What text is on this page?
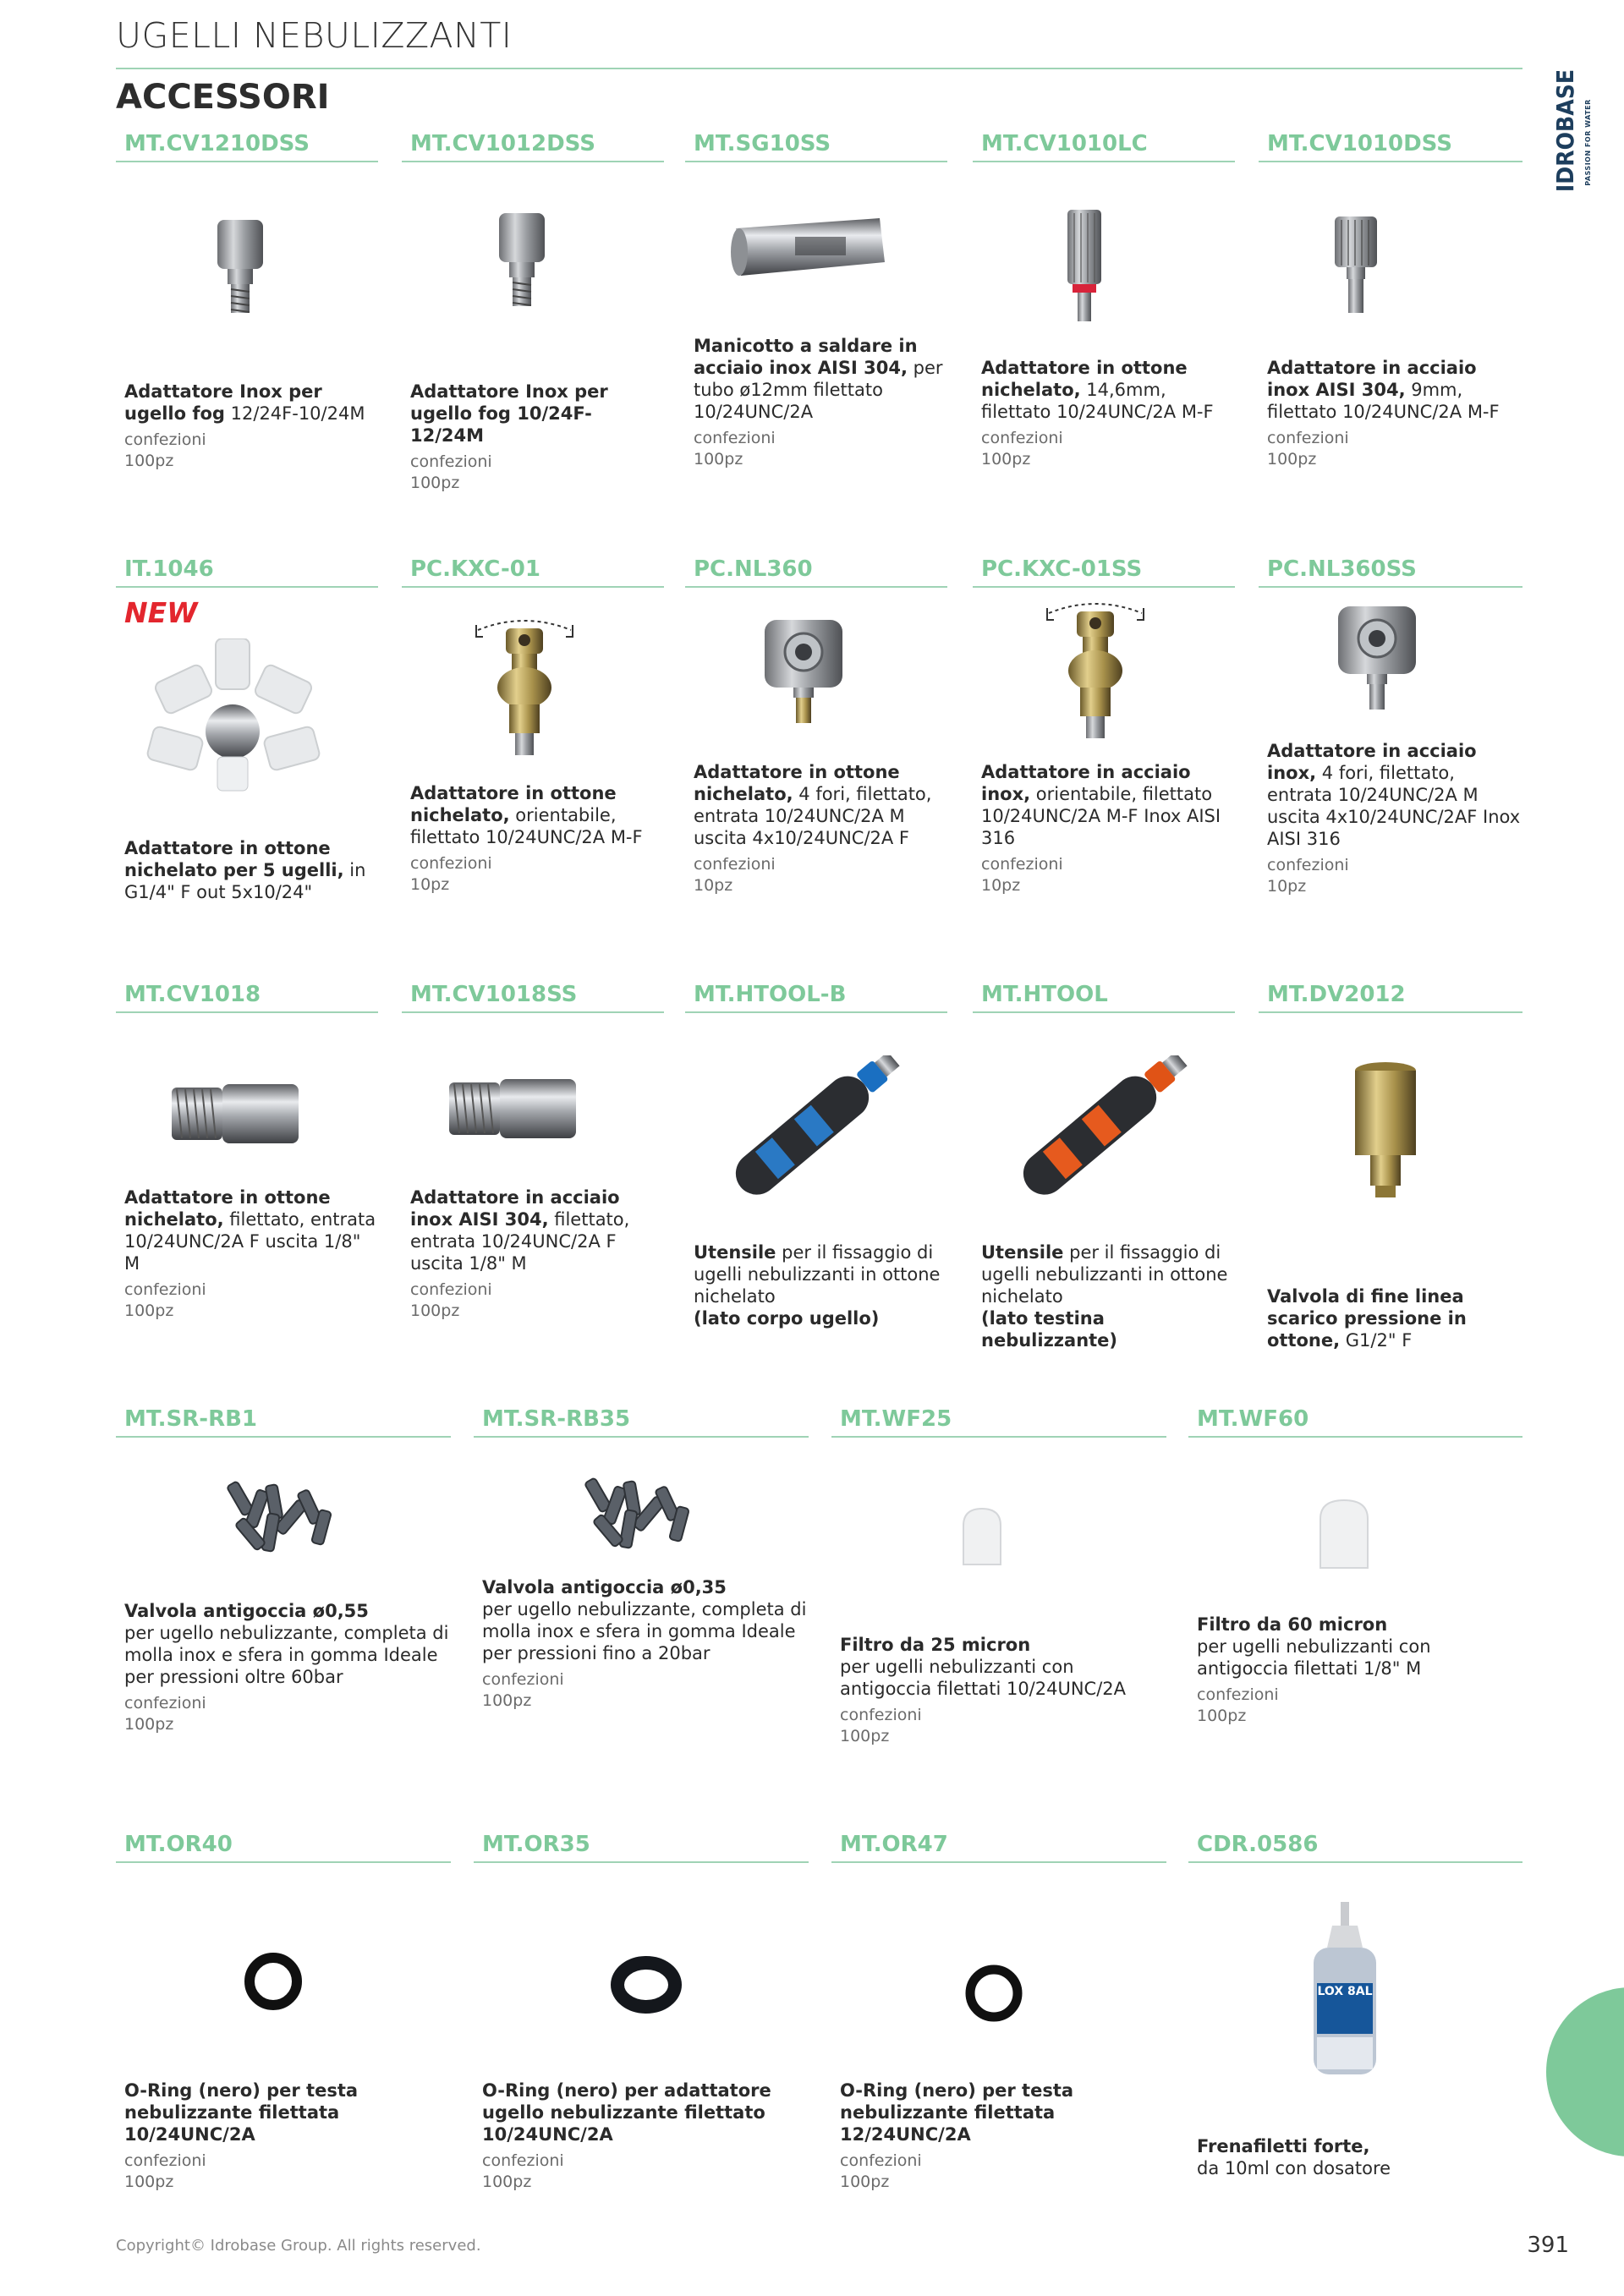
UGELLI NEBULIZZANTI
ACCESSORI	IDROBASE PASSION FOR WATER
MT.CV1210DSS
Adattatore Inox per ugello fog 12/24F-10/24M
confezioni
100pz
MT.CV1012DSS
Adattatore Inox per ugello fog 10/24F-12/24M
confezioni
100pz
MT.SG10SS
Manicotto a saldare in acciaio inox AISI 304, per tubo ø12mm filettato 10/24UNC/2A
confezioni
100pz
MT.CV1010LC
Adattatore in ottone nichelato, 14,6mm, filettato 10/24UNC/2A M-F
confezioni
100pz
MT.CV1010DSS
Adattatore in acciaio inox AISI 304, 9mm, filettato 10/24UNC/2A M-F
confezioni
100pz
IT.1046
NEW
Adattatore in ottone nichelato per 5 ugelli, in G1/4" F out 5x10/24"
PC.KXC-01
Adattatore in ottone nichelato, orientabile, filettato 10/24UNC/2A M-F
confezioni
10pz
PC.NL360
Adattatore in ottone nichelato, 4 fori, filettato, entrata 10/24UNC/2A M uscita 4x10/24UNC/2A F
confezioni
10pz
PC.KXC-01SS
Adattatore in acciaio inox, orientabile, filettato 10/24UNC/2A M-F Inox AISI 316
confezioni
10pz
PC.NL360SS
Adattatore in acciaio inox, 4 fori, filettato, entrata 10/24UNC/2A M uscita 4x10/24UNC/2AF Inox AISI 316
confezioni
10pz
MT.CV1018
Adattatore in ottone nichelato, filettato, entrata 10/24UNC/2A F uscita 1/8" M
confezioni
100pz
MT.CV1018SS
Adattatore in acciaio inox AISI 304, filettato, entrata 10/24UNC/2A F uscita 1/8" M
confezioni
100pz
MT.HTOOL-B
Utensile per il fissaggio di ugelli nebulizzanti in ottone nichelato
(lato corpo ugello)
MT.HTOOL
Utensile per il fissaggio di ugelli nebulizzanti in ottone nichelato
(lato testina nebulizzante)
MT.DV2012
Valvola di fine linea scarico pressione in ottone, G1/2" F
MT.SR-RB1
Valvola antigoccia ø0,55
per ugello nebulizzante, completa di molla inox e sfera in gomma Ideale per pressioni oltre 60bar
confezioni
100pz
MT.SR-RB35
Valvola antigoccia ø0,35
per ugello nebulizzante, completa di molla inox e sfera in gomma Ideale per pressioni fino a 20bar
confezioni
100pz
MT.WF25
Filtro da 25 micron
per ugelli nebulizzanti con antigoccia filettati 10/24UNC/2A
confezioni
100pz
MT.WF60
Filtro da 60 micron
per ugelli nebulizzanti con antigoccia filettati 1/8" M
confezioni
100pz
MT.OR40
O-Ring (nero) per testa nebulizzante filettata 10/24UNC/2A
confezioni
100pz
MT.OR35
O-Ring (nero) per adattatore ugello nebulizzante filettato 10/24UNC/2A
confezioni
100pz
MT.OR47
O-Ring (nero) per testa nebulizzante filettata 12/24UNC/2A
confezioni
100pz
CDR.0586
LOX 8AL
Frenafiletti forte,
da 10ml con dosatore
Copyright© Idrobase Group. All rights reserved.	391
